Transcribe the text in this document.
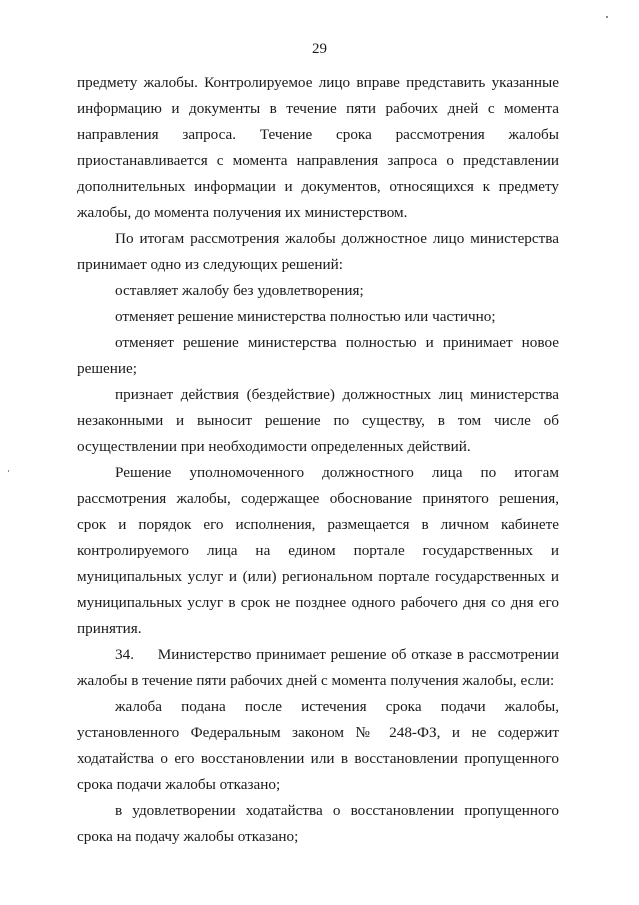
29

предмету жалобы. Контролируемое лицо вправе представить указанные информацию и документы в течение пяти рабочих дней с момента направления запроса. Течение срока рассмотрения жалобы приостанавливается с момента направления запроса о представлении дополнительных информации и документов, относящихся к предмету жалобы, до момента получения их министерством.

По итогам рассмотрения жалобы должностное лицо министерства принимает одно из следующих решений:

оставляет жалобу без удовлетворения;

отменяет решение министерства полностью или частично;

отменяет решение министерства полностью и принимает новое решение;

признает действия (бездействие) должностных лиц министерства незаконными и выносит решение по существу, в том числе об осуществлении при необходимости определенных действий.

Решение уполномоченного должностного лица по итогам рассмотрения жалобы, содержащее обоснование принятого решения, срок и порядок его исполнения, размещается в личном кабинете контролируемого лица на едином портале государственных и муниципальных услуг и (или) региональном портале государственных и муниципальных услуг в срок не позднее одного рабочего дня со дня его принятия.

34.     Министерство принимает решение об отказе в рассмотрении жалобы в течение пяти рабочих дней с момента получения жалобы, если:

жалоба подана после истечения срока подачи жалобы, установленного Федеральным законом № 248-ФЗ, и не содержит ходатайства о его восстановлении или в восстановлении пропущенного срока подачи жалобы отказано;

в удовлетворении ходатайства о восстановлении пропущенного срока на подачу жалобы отказано;
